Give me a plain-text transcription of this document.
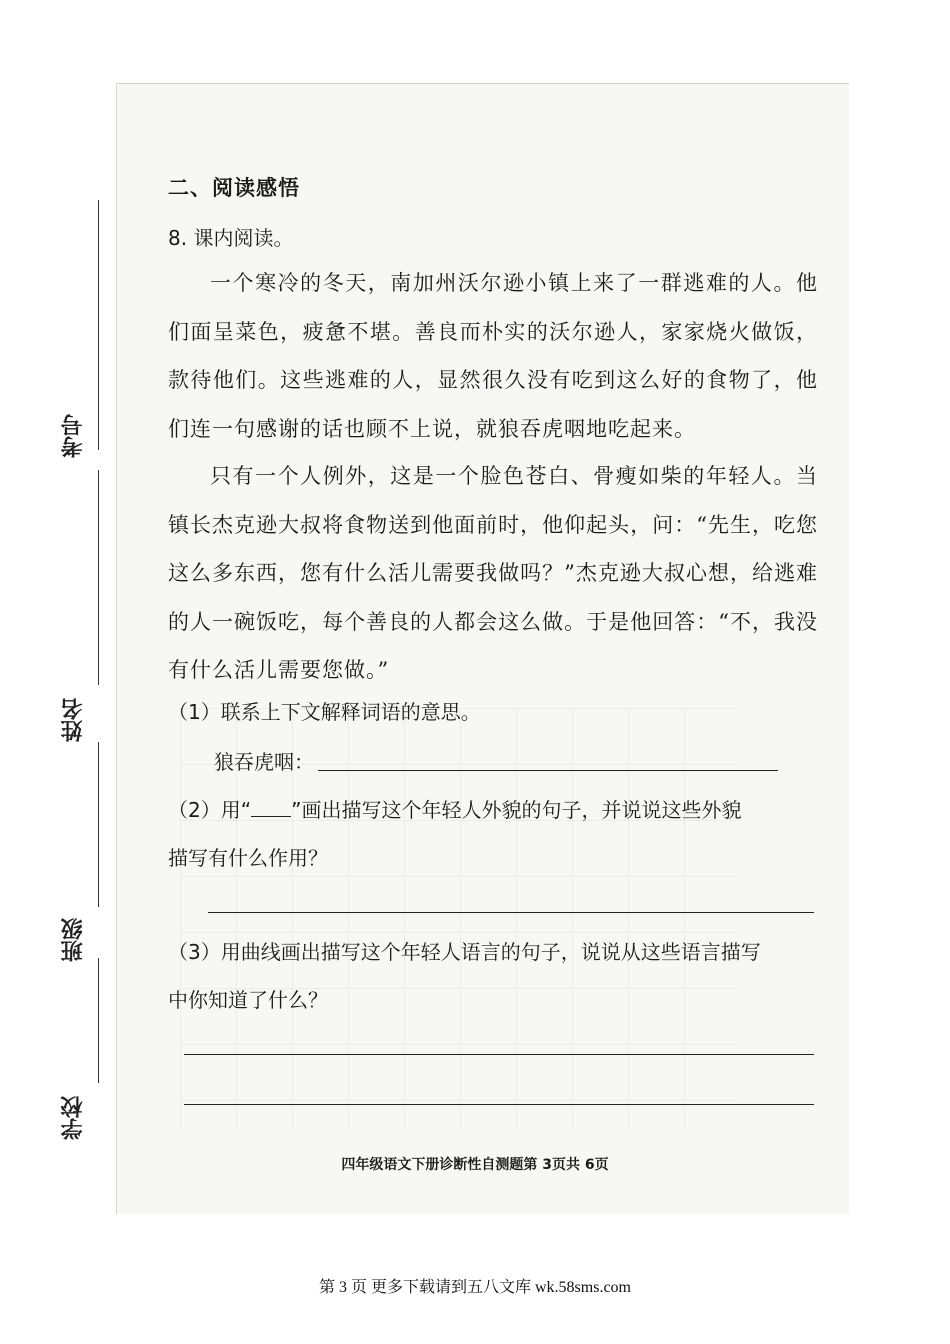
考号
姓名
班级
学校
二、阅读感悟
8. 课内阅读。
一个寒冷的冬天，南加州沃尔逊小镇上来了一群逃难的人。他们面呈菜色，疲惫不堪。善良而朴实的沃尔逊人，家家烧火做饭，款待他们。这些逃难的人，显然很久没有吃到这么好的食物了，他们连一句感谢的话也顾不上说，就狼吞虎咽地吃起来。
只有一个人例外，这是一个脸色苍白、骨瘦如柴的年轻人。当镇长杰克逊大叔将食物送到他面前时，他仰起头，问：“先生，吃您这么多东西，您有什么活儿需要我做吗？”杰克逊大叔心想，给逃难的人一碗饭吃，每个善良的人都会这么做。于是他回答：“不，我没有什么活儿需要您做。”
（1）联系上下文解释词语的意思。
狼吞虎咽：
（2）用“ ”画出描写这个年轻人外貌的句子，并说说这些外貌
描写有什么作用？
（3）用曲线画出描写这个年轻人语言的句子，说说从这些语言描写
中你知道了什么？
四年级语文下册诊断性自测题第 3页共 6页
第 3 页 更多下载请到五八文库 wk.58sms.com
